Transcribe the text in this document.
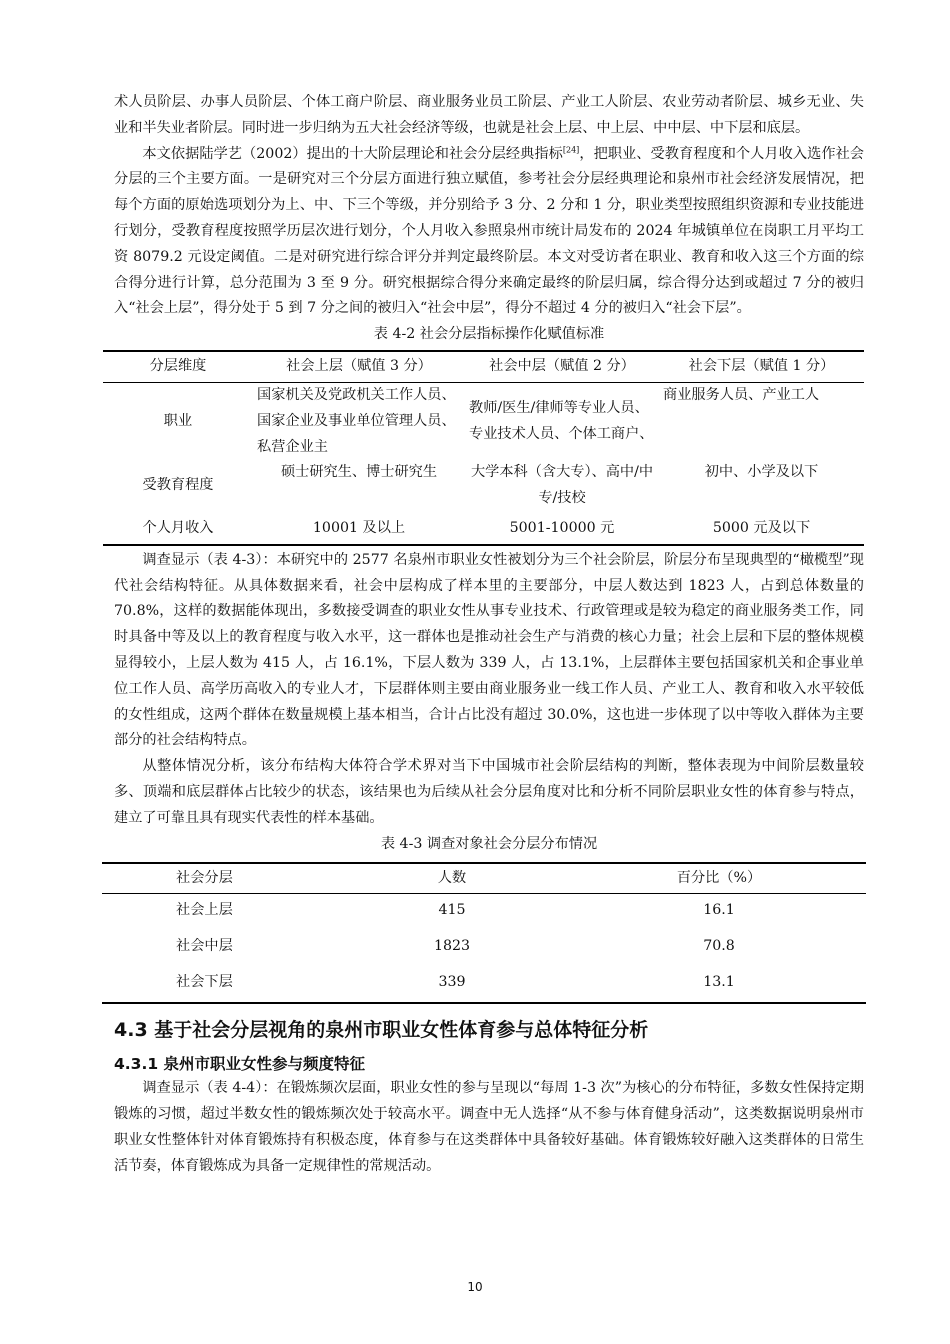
术人员阶层、办事人员阶层、个体工商户阶层、商业服务业员工阶层、产业工人阶层、农业劳动者阶层、城乡无业、失业和半失业者阶层。同时进一步归纳为五大社会经济等级，也就是社会上层、中上层、中中层、中下层和底层。

本文依据陆学艺（2002）提出的十大阶层理论和社会分层经典指标[24]，把职业、受教育程度和个人月收入选作社会分层的三个主要方面。一是研究对三个分层方面进行独立赋值，参考社会分层经典理论和泉州市社会经济发展情况，把每个方面的原始选项划分为上、中、下三个等级，并分别给予 3 分、2 分和 1 分，职业类型按照组织资源和专业技能进行划分，受教育程度按照学历层次进行划分，个人月收入参照泉州市统计局发布的 2024 年城镇单位在岗职工月平均工资 8079.2 元设定阈值。二是对研究进行综合评分并判定最终阶层。本文对受访者在职业、教育和收入这三个方面的综合得分进行计算，总分范围为 3 至 9 分。研究根据综合得分来确定最终的阶层归属，综合得分达到或超过 7 分的被归入“社会上层”，得分处于 5 到 7 分之间的被归入“社会中层”，得分不超过 4 分的被归入“社会下层”。

表 4-2 社会分层指标操作化赋值标准

分层维度	社会上层（赋值 3 分）	社会中层（赋值 2 分）	社会下层（赋值 1 分）
职业	国家机关及党政机关工作人员、国家企业及事业单位管理人员、私营企业主	教师/医生/律师等专业人员、专业技术人员、个体工商户、	商业服务人员、产业工人
受教育程度	硕士研究生、博士研究生	大学本科（含大专）、高中/中专/技校	初中、小学及以下
个人月收入	10001 及以上	5001-10000 元	5000 元及以下

调查显示（表 4-3）：本研究中的 2577 名泉州市职业女性被划分为三个社会阶层，阶层分布呈现典型的“橄榄型”现代社会结构特征。从具体数据来看，社会中层构成了样本里的主要部分，中层人数达到 1823 人，占到总体数量的 70.8%，这样的数据能体现出，多数接受调查的职业女性从事专业技术、行政管理或是较为稳定的商业服务类工作，同时具备中等及以上的教育程度与收入水平，这一群体也是推动社会生产与消费的核心力量；社会上层和下层的整体规模显得较小，上层人数为 415 人，占 16.1%，下层人数为 339 人，占 13.1%，上层群体主要包括国家机关和企事业单位工作人员、高学历高收入的专业人才，下层群体则主要由商业服务业一线工作人员、产业工人、教育和收入水平较低的女性组成，这两个群体在数量规模上基本相当，合计占比没有超过 30.0%，这也进一步体现了以中等收入群体为主要部分的社会结构特点。

从整体情况分析，该分布结构大体符合学术界对当下中国城市社会阶层结构的判断，整体表现为中间阶层数量较多、顶端和底层群体占比较少的状态，该结果也为后续从社会分层角度对比和分析不同阶层职业女性的体育参与特点，建立了可靠且具有现实代表性的样本基础。

表 4-3 调查对象社会分层分布情况

社会分层	人数	百分比（%）
社会上层	415	16.1
社会中层	1823	70.8
社会下层	339	13.1
4.3 基于社会分层视角的泉州市职业女性体育参与总体特征分析
4.3.1 泉州市职业女性参与频度特征

调查显示（表 4-4）：在锻炼频次层面，职业女性的参与呈现以“每周 1-3 次”为核心的分布特征，多数女性保持定期锻炼的习惯，超过半数女性的锻炼频次处于较高水平。调查中无人选择“从不参与体育健身活动”，这类数据说明泉州市职业女性整体针对体育锻炼持有积极态度，体育参与在这类群体中具备较好基础。体育锻炼较好融入这类群体的日常生活节奏，体育锻炼成为具备一定规律性的常规活动。

10
